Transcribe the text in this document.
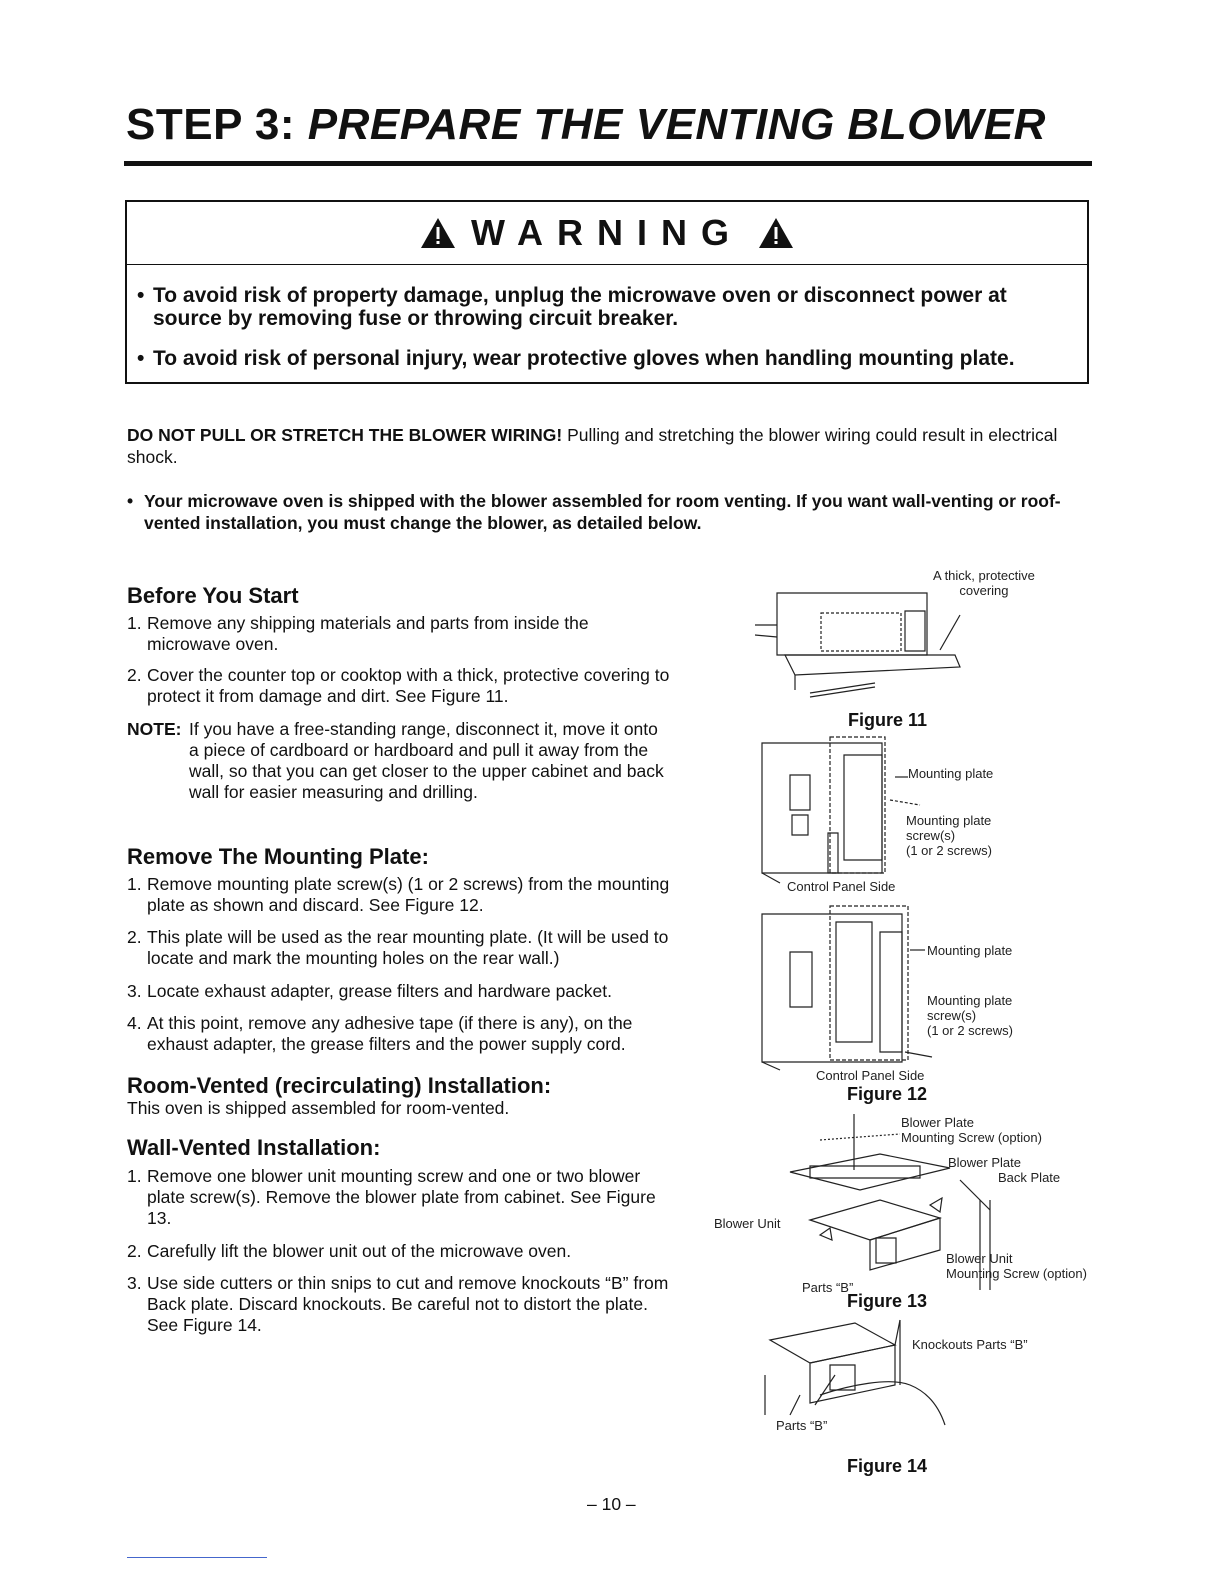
STEP 3: PREPARE THE VENTING BLOWER
WARNING
• To avoid risk of property damage, unplug the microwave oven or disconnect power at source by removing fuse or throwing circuit breaker.
• To avoid risk of personal injury, wear protective gloves when handling mounting plate.
DO NOT PULL OR STRETCH THE BLOWER WIRING! Pulling and stretching the blower wiring could result in electrical shock.
• Your microwave oven is shipped with the blower assembled for room venting. If you want wall-venting or roof-vented installation, you must change the blower, as detailed below.
Before You Start
1. Remove any shipping materials and parts from inside the microwave oven.
2. Cover the counter top or cooktop with a thick, protective covering to protect it from damage and dirt. See Figure 11.
NOTE: If you have a free-standing range, disconnect it, move it onto a piece of cardboard or hardboard and pull it away from the wall, so that you can get closer to the upper cabinet and back wall for easier measuring and drilling.
Remove The Mounting Plate:
1. Remove mounting plate screw(s) (1 or 2 screws) from the mounting plate as shown and discard. See Figure 12.
2. This plate will be used as the rear mounting plate. (It will be used to locate and mark the mounting holes on the rear wall.)
3. Locate exhaust adapter, grease filters and hardware packet.
4. At this point, remove any adhesive tape (if there is any), on the exhaust adapter, the grease filters and the power supply cord.
Room-Vented (recirculating) Installation:
This oven is shipped assembled for room-vented.
Wall-Vented Installation:
1. Remove one blower unit mounting screw and one or two blower plate screw(s). Remove the blower plate from cabinet. See Figure 13.
2. Carefully lift the blower unit out of the microwave oven.
3. Use side cutters or thin snips to cut and remove knockouts “B” from Back plate. Discard knockouts. Be careful not to distort the plate. See Figure 14.
A thick, protective
covering
Figure 11
Mounting plate
Mounting plate
screw(s)
(1 or 2 screws)
Control Panel Side
Mounting plate
Mounting plate
screw(s)
(1 or 2 screws)
Control Panel Side
Figure 12
Blower Plate
Mounting Screw (option)
Blower Plate
Back Plate
Blower Unit
Blower Unit
Mounting Screw (option)
Parts “B”
Figure 13
Knockouts Parts “B”
Parts “B”
Figure 14
– 10 –
